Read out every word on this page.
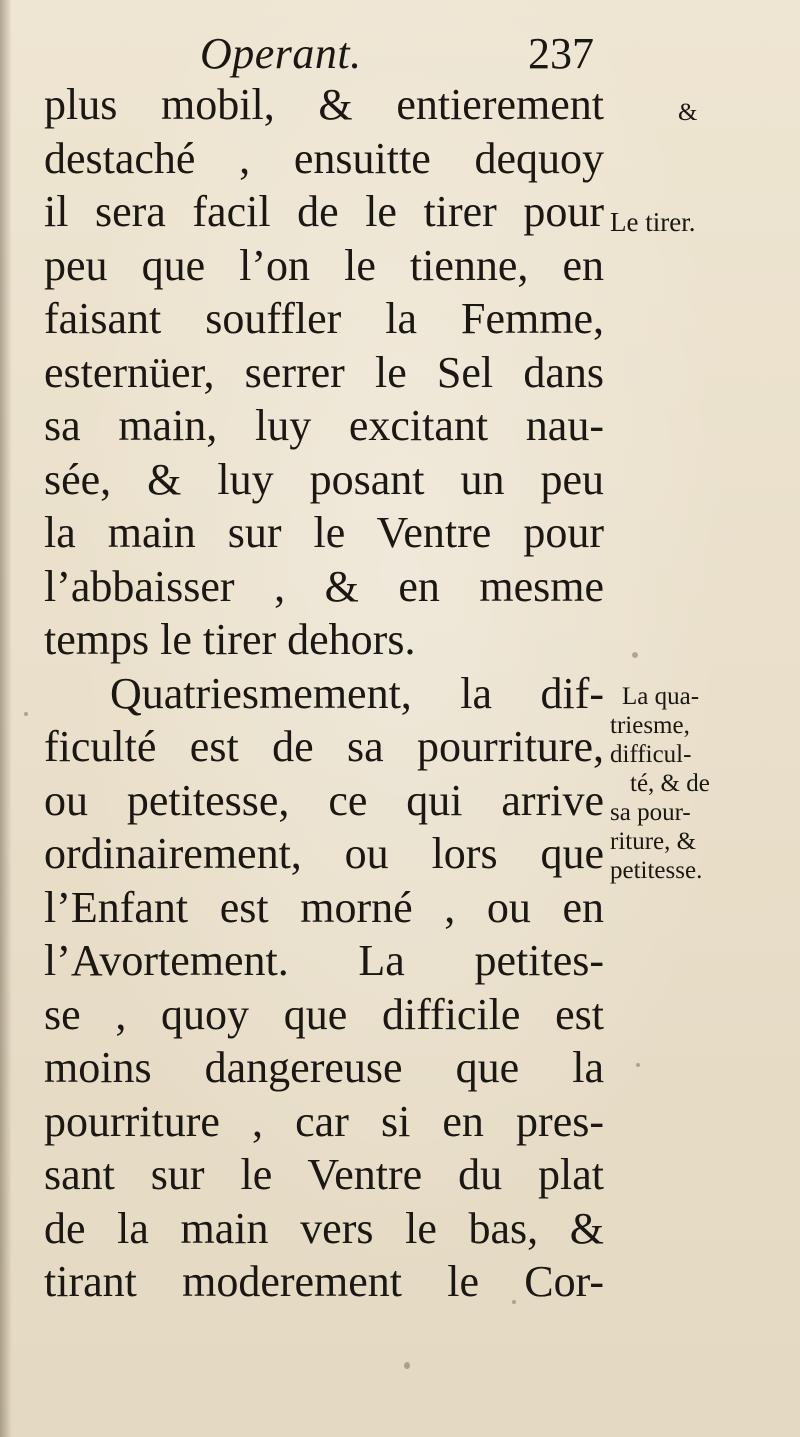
Operant.	237
plus mobil, & entierement
destaché , ensuitte dequoy
il sera facil de le tirer pour
peu que l’on le tienne, en
faisant souffler la Femme,
esternüer, serrer le Sel dans
sa main, luy excitant nau-
sée, & luy posant un peu
la main sur le Ventre pour
l’abbaisser , & en mesme
temps le tirer dehors.
Quatriesmement, la dif-
ficulté est de sa pourriture,
ou petitesse, ce qui arrive
ordinairement, ou lors que
l’Enfant est morné , ou en
l’Avortement. La petites-
se , quoy que difficile est
moins dangereuse que la
pourriture , car si en pres-
sant sur le Ventre du plat
de la main vers le bas, &
tirant moderement le Cor-
&
Le tirer.
La qua-
triesme,
difficul-
té, & de
sa pour-
riture, &
petitesse.
